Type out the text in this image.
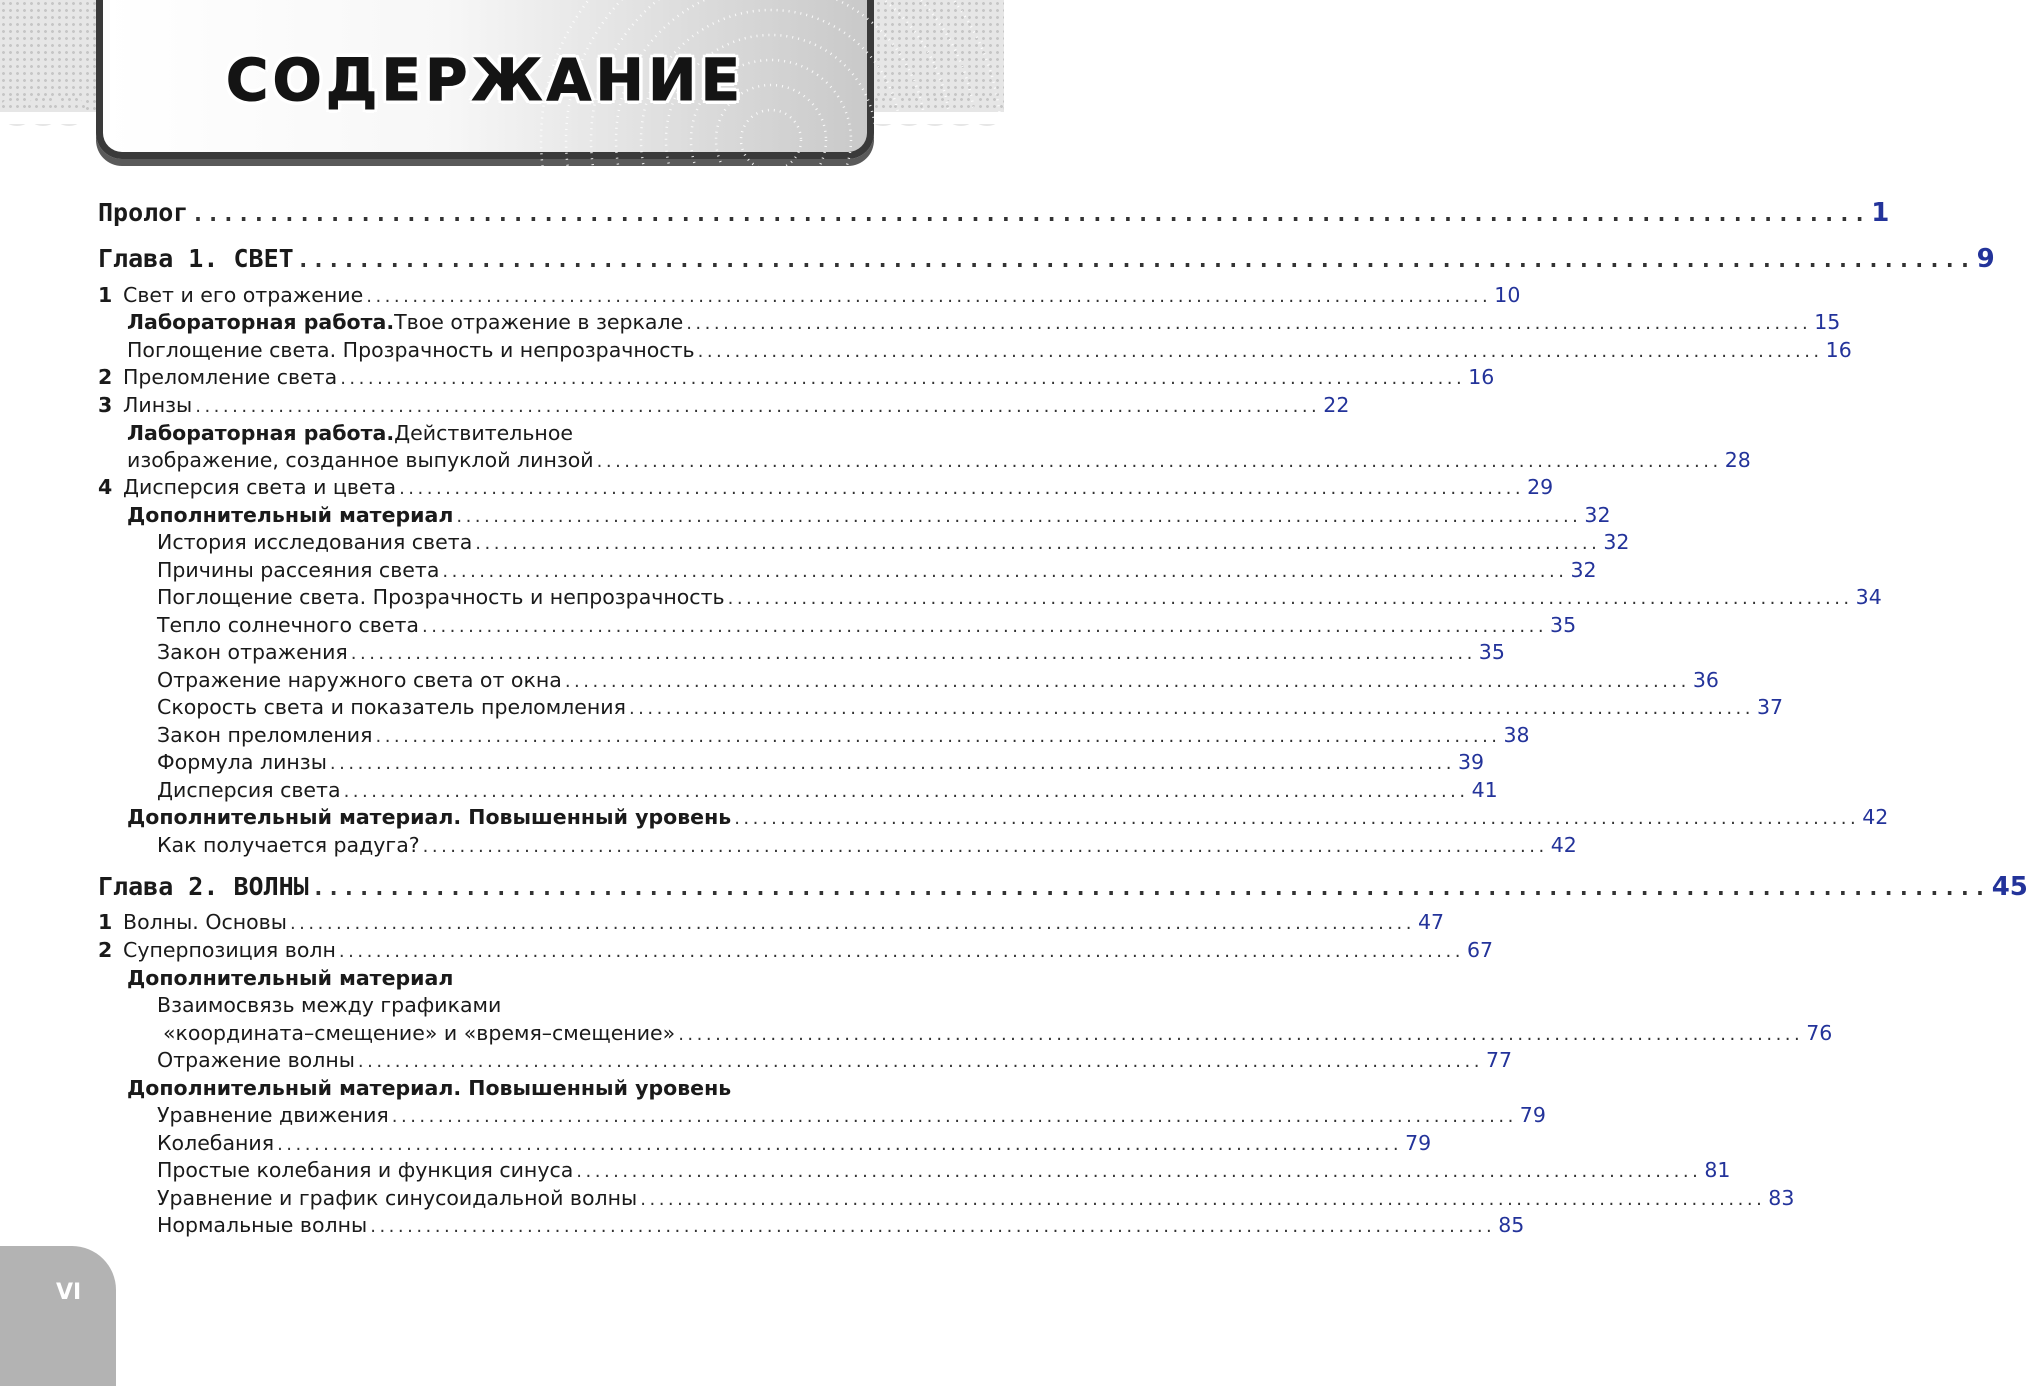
СОДЕРЖАНИЕ
Пролог .............................................................................................................. 1
Глава 1. СВЕТ .............................................................................................................. 9
1 Свет и его отражение .......................................................................................................................... 10
Лабораторная работа. Твое отражение в зеркале .......................................................................................................................... 15
Поглощение света. Прозрачность и непрозрачность .......................................................................................................................... 16
2 Преломление света .......................................................................................................................... 16
3 Линзы .......................................................................................................................... 22
Лабораторная работа. Действительное
изображение, созданное выпуклой линзой .......................................................................................................................... 28
4 Дисперсия света и цвета .......................................................................................................................... 29
Дополнительный материал .......................................................................................................................... 32
История исследования света .......................................................................................................................... 32
Причины рассеяния света .......................................................................................................................... 32
Поглощение света. Прозрачность и непрозрачность .......................................................................................................................... 34
Тепло солнечного света .......................................................................................................................... 35
Закон отражения .......................................................................................................................... 35
Отражение наружного света от окна .......................................................................................................................... 36
Скорость света и показатель преломления .......................................................................................................................... 37
Закон преломления .......................................................................................................................... 38
Формула линзы .......................................................................................................................... 39
Дисперсия света .......................................................................................................................... 41
Дополнительный материал. Повышенный уровень .......................................................................................................................... 42
Как получается радуга? .......................................................................................................................... 42
Глава 2. ВОЛНЫ .............................................................................................................. 45
1 Волны. Основы .......................................................................................................................... 47
2 Суперпозиция волн .......................................................................................................................... 67
Дополнительный материал
Взаимосвязь между графиками
«координата–смещение» и «время–смещение» .......................................................................................................................... 76
Отражение волны .......................................................................................................................... 77
Дополнительный материал. Повышенный уровень
Уравнение движения .......................................................................................................................... 79
Колебания .......................................................................................................................... 79
Простые колебания и функция синуса .......................................................................................................................... 81
Уравнение и график синусоидальной волны .......................................................................................................................... 83
Нормальные волны .......................................................................................................................... 85
VI
